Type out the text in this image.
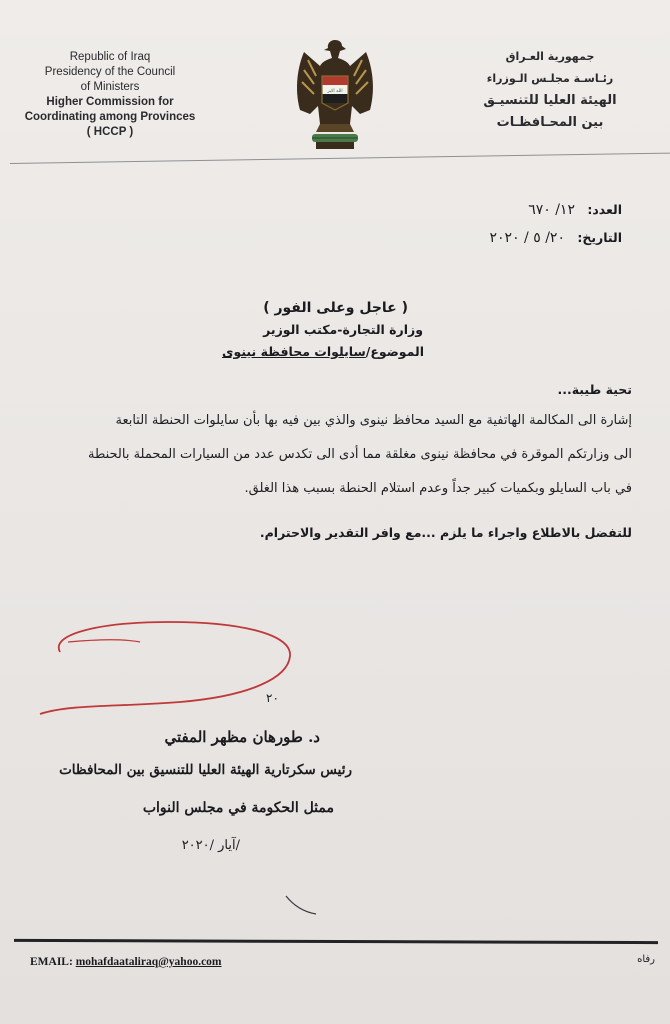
Republic of Iraq
Presidency of the Council
of Ministers
Higher Commission for
Coordinating among Provinces
( HCCP )
الله اكبر
جمهورية العـراق
رئـاسـة مجلـس الـوزراء
الهيئة العليا للتنسيـق
بين المحـافظـات
العدد: ١٢/ ٦٧٠
التاريخ: ٢٠/ ٥ / ٢٠٢٠
( عاجل وعلى الفور )
وزارة التجارة-مكتب الوزير
الموضوع/سايلوات محافظة نينوى
تحية طيبة...
إشارة الى المكالمة الهاتفية مع السيد محافظ نينوى والذي بين فيه بها بأن سايلوات الحنطة التابعة
الى وزارتكم الموقرة في محافظة نينوى مغلقة مما أدى الى تكدس عدد من السيارات المحملة بالحنطة
في باب السايلو وبكميات كبير جداً وعدم استلام الحنطة بسبب هذا الغلق.
للتفضل بالاطلاع واجراء ما يلزم ...مع وافر التقدير والاحترام.
٢٠
د. طورهان مظهر المفتي
رئيس سكرتارية الهيئة العليا للتنسيق بين المحافظات
ممثل الحكومة في مجلس النواب
/آيار /٢٠٢٠
EMAIL: mohafdaataliraq@yahoo.com	رفاه
